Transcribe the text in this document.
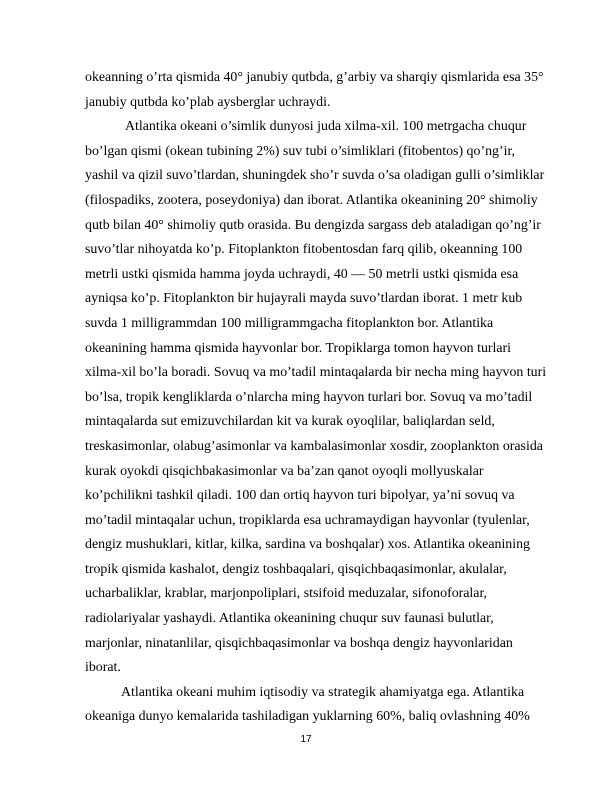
okeanning o’rta qismida 40° janubiy qutbda, g’arbiy va sharqiy qismlarida esa 35°

janubiy qutbda ko’plab aysberglar uchraydi.

Atlantika okeani o’simlik dunyosi juda xilma-xil. 100 metrgacha chuqur

bo’lgan qismi (okean tubining 2%) suv tubi o’simliklari (fitobentos) qo’ng’ir,

yashil va qizil suvo’tlardan, shuningdek sho’r suvda o’sa oladigan gulli o’simliklar

(filospadiks, zootera, poseydoniya) dan iborat. Atlantika okeanining 20° shimoliy

qutb bilan 40° shimoliy qutb orasida. Bu dengizda sargass deb ataladigan qo’ng’ir

suvo’tlar nihoyatda ko’p. Fitoplankton fitobentosdan farq qilib, okeanning 100

metrli ustki qismida hamma joyda uchraydi, 40 — 50 metrli ustki qismida esa

ayniqsa ko’p. Fitoplankton bir hujayrali mayda suvo’tlardan iborat. 1 metr kub

suvda 1 milligrammdan 100 milligrammgacha fitoplankton bor. Atlantika

okeanining hamma qismida hayvonlar bor. Tropiklarga tomon hayvon turlari

xilma-xil bo’la boradi. Sovuq va mo’tadil mintaqalarda bir necha ming hayvon turi

bo’lsa, tropik kengliklarda o’nlarcha ming hayvon turlari bor. Sovuq va mo’tadil

mintaqalarda sut emizuvchilardan kit va kurak oyoqlilar, baliqlardan seld,

treskasimonlar, olabug’asimonlar va kambalasimonlar xosdir, zooplankton orasida

kurak oyokdi qisqichbakasimonlar va ba’zan qanot oyoqli mollyuskalar

ko’pchilikni tashkil qiladi. 100 dan ortiq hayvon turi bipolyar, ya’ni sovuq va

mo’tadil mintaqalar uchun, tropiklarda esa uchramaydigan hayvonlar (tyulenlar,

dengiz mushuklari, kitlar, kilka, sardina va boshqalar) xos. Atlantika okeanining

tropik qismida kashalot, dengiz toshbaqalari, qisqichbaqasimonlar, akulalar,

ucharbaliklar, krablar, marjonpoliplari, stsifoid meduzalar, sifonoforalar,

radiolariyalar yashaydi. Atlantika okeanining chuqur suv faunasi bulutlar,

marjonlar, ninatanlilar, qisqichbaqasimonlar va boshqa dengiz hayvonlaridan

iborat.

Atlantika okeani muhim iqtisodiy va strategik ahamiyatga ega. Atlantika

okeaniga dunyo kemalarida tashiladigan yuklarning 60%, baliq ovlashning 40%

17
